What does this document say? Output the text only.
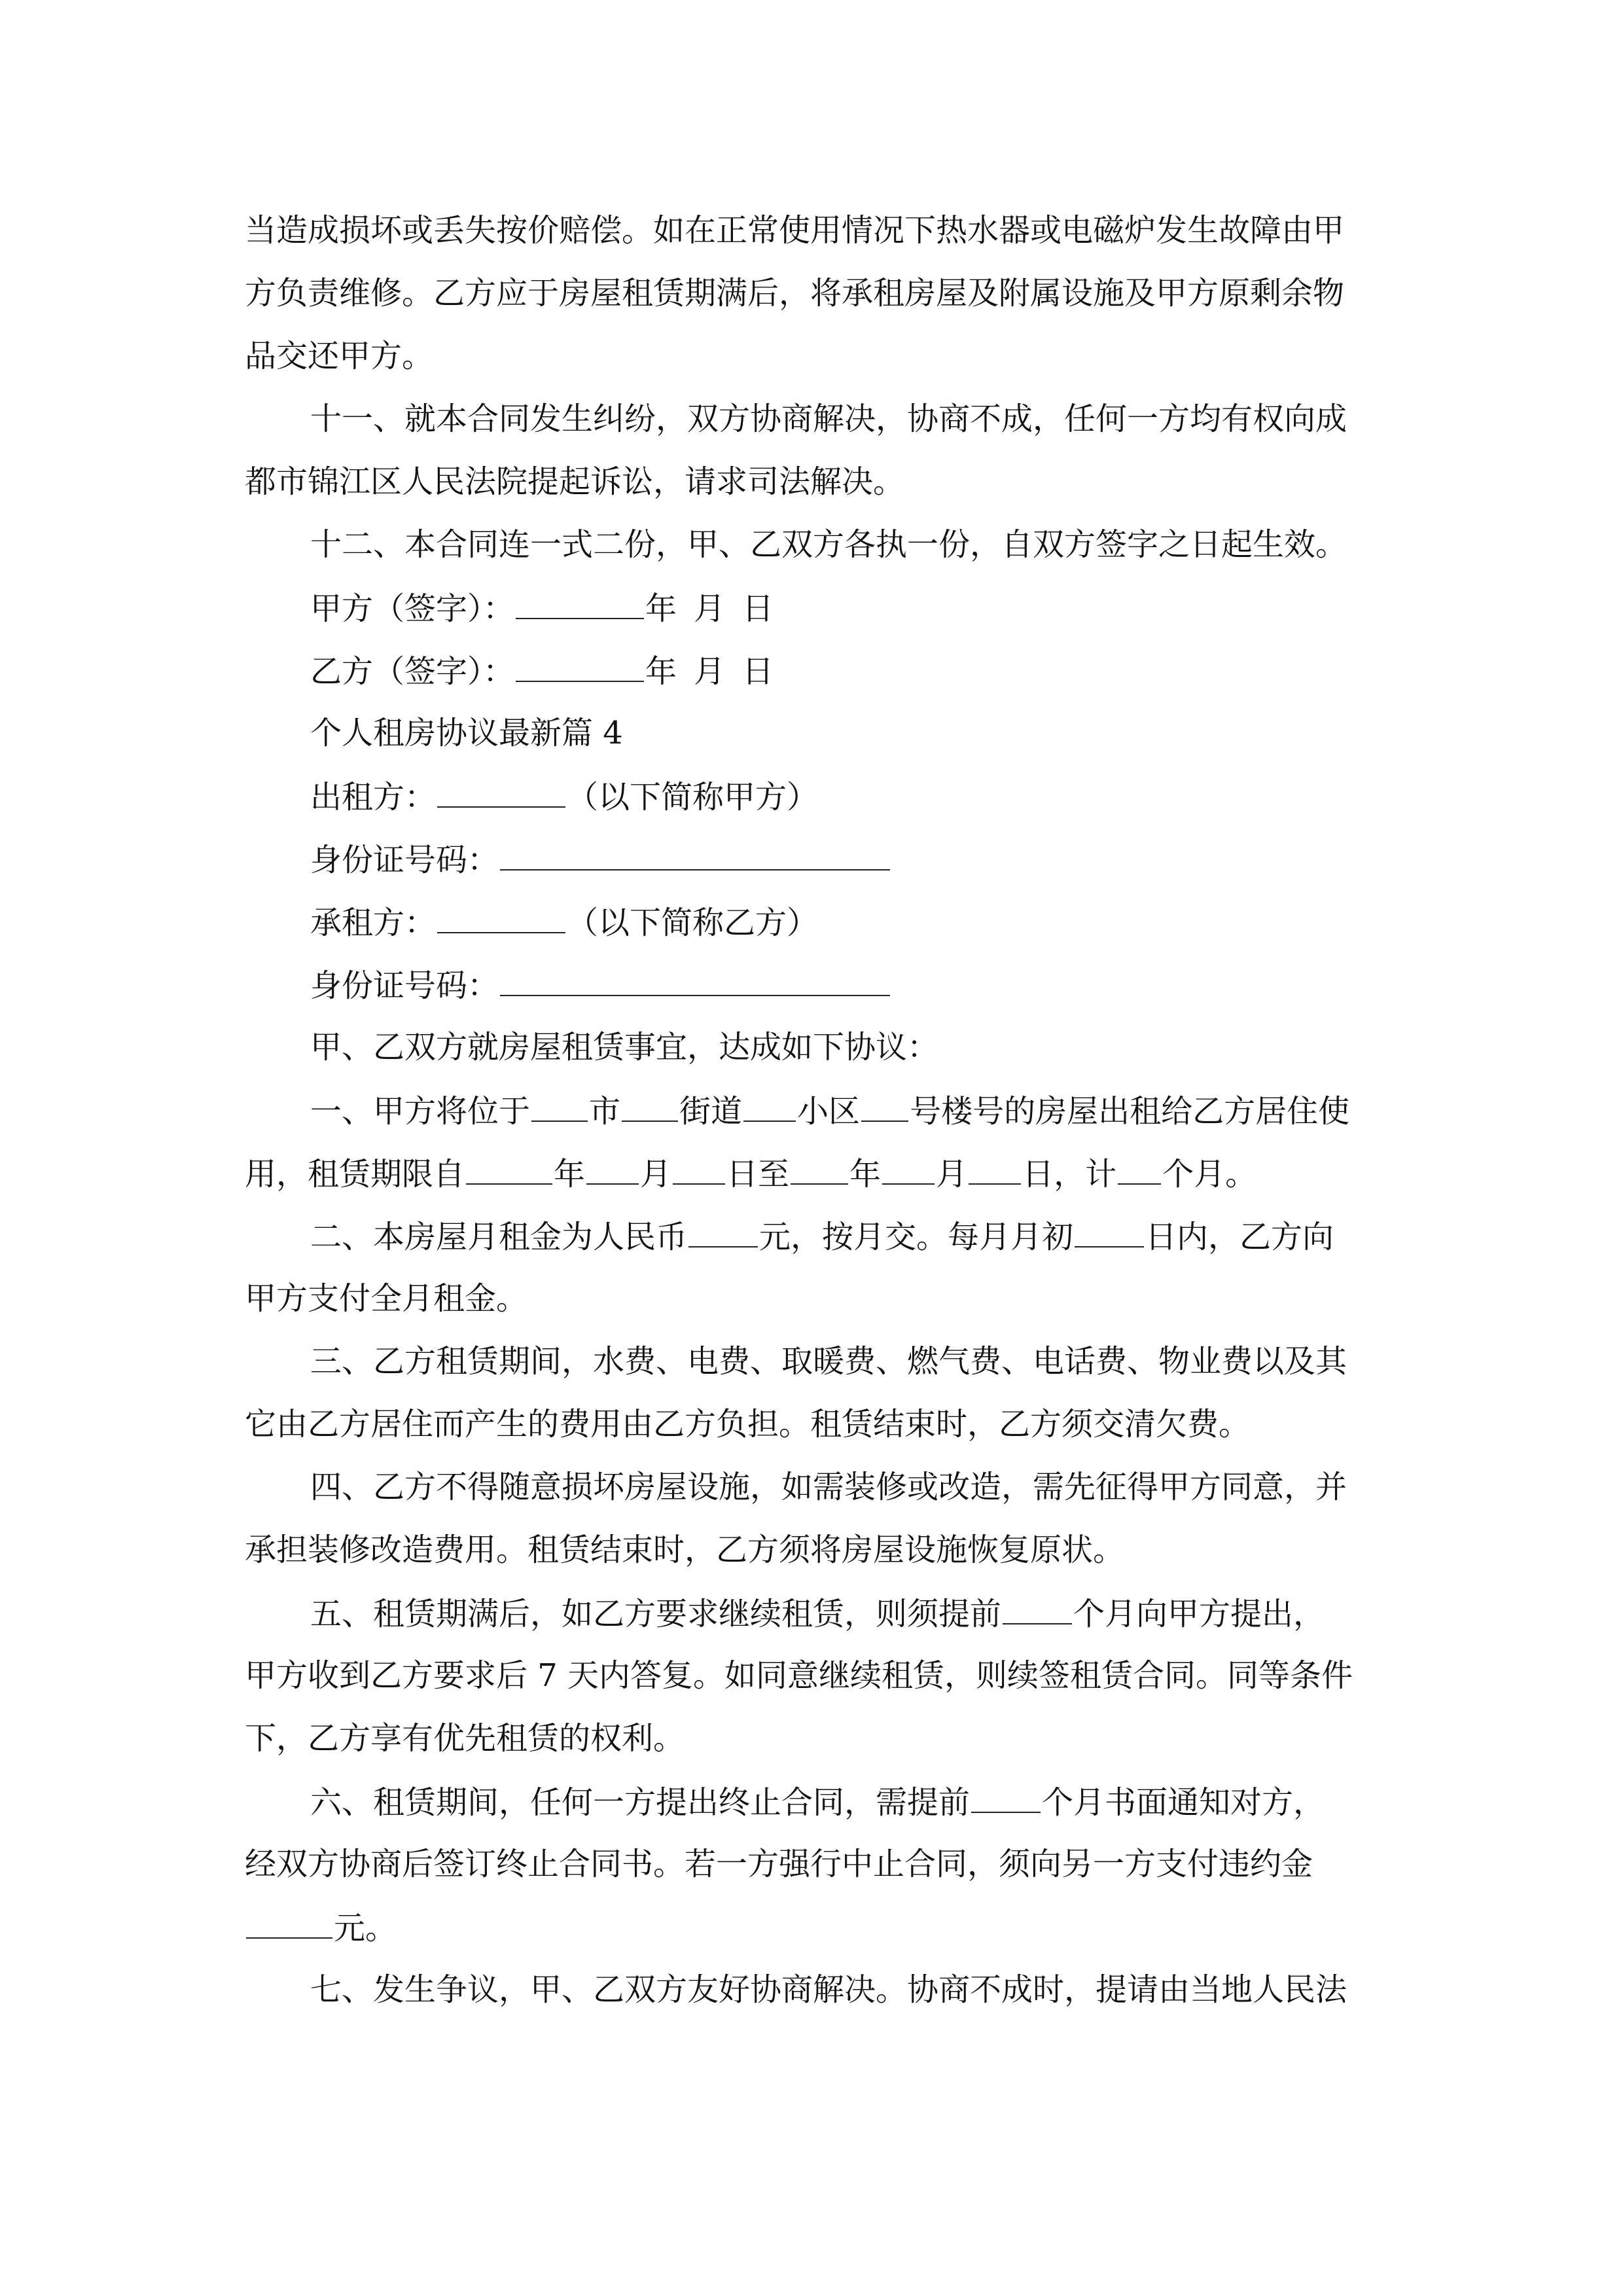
当造成损坏或丢失按价赔偿。如在正常使用情况下热水器或电磁炉发生故障由甲
方负责维修。乙方应于房屋租赁期满后，将承租房屋及附属设施及甲方原剩余物
品交还甲方。
十一、就本合同发生纠纷，双方协商解决，协商不成，任何一方均有权向成
都市锦江区人民法院提起诉讼，请求司法解决。
十二、本合同连一式二份，甲、乙双方各执一份，自双方签字之日起生效。
甲方（签字）：	年 月 日
乙方（签字）：	年 月 日
个人租房协议最新篇 4
出租方：	（以下简称甲方）
身份证号码：
承租方：	（以下简称乙方）
身份证号码：
甲、乙双方就房屋租赁事宜，达成如下协议：
一、甲方将位于 市 街道 小区 号楼号的房屋出租给乙方居住使
用，租赁期限自	年 月 日至 年 月 日，计 个月。
二、本房屋月租金为人民币 元，按月交。每月月初 日内，乙方向
甲方支付全月租金。
三、乙方租赁期间，水费、电费、取暖费、燃气费、电话费、物业费以及其
它由乙方居住而产生的费用由乙方负担。租赁结束时，乙方须交清欠费。
四、乙方不得随意损坏房屋设施，如需装修或改造，需先征得甲方同意，并
承担装修改造费用。租赁结束时，乙方须将房屋设施恢复原状。
五、租赁期满后，如乙方要求继续租赁，则须提前 个月向甲方提出，
甲方收到乙方要求后 7 天内答复。如同意继续租赁，则续签租赁合同。同等条件
下，乙方享有优先租赁的权利。
六、租赁期间，任何一方提出终止合同，需提前 个月书面通知对方，
经双方协商后签订终止合同书。若一方强行中止合同，须向另一方支付违约金
元。
七、发生争议，甲、乙双方友好协商解决。协商不成时，提请由当地人民法
